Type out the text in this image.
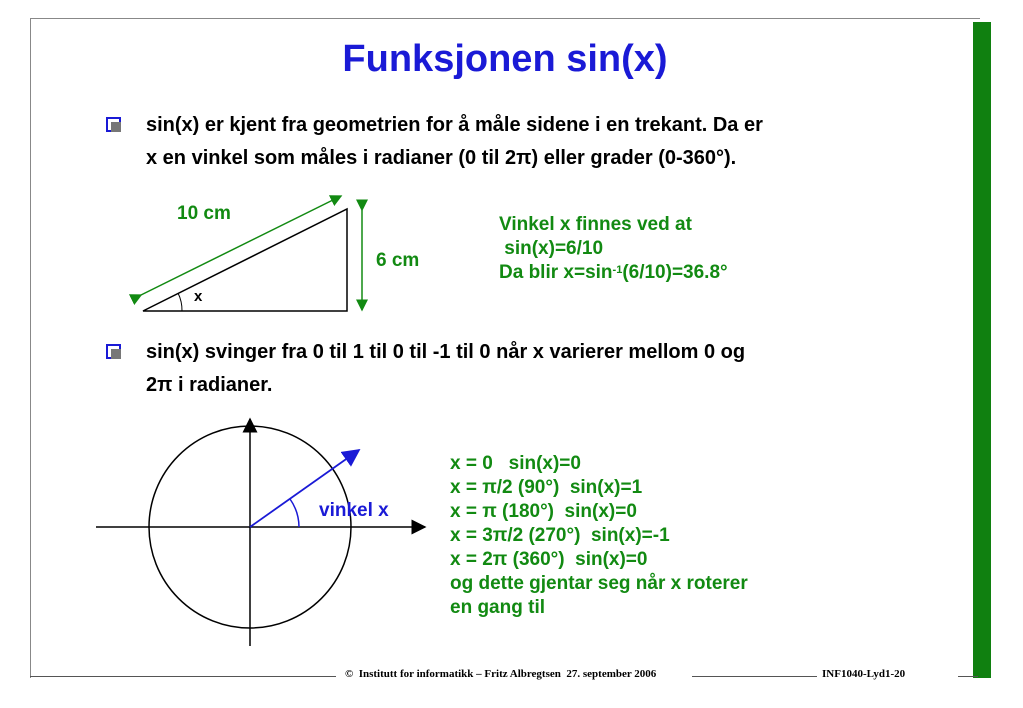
Funksjonen sin(x)
sin(x) er kjent fra geometrien for å måle sidene i en trekant. Da er
x en vinkel som måles i radianer (0 til 2π) eller grader (0-360°).
10 cm
6 cm
x
Vinkel x finnes ved at
sin(x)=6/10
Da blir $x=\sin^{-1}(6/10)=36.8^\circ$
sin(x) svinger fra 0 til 1 til 0 til -1 til 0 når x varierer mellom 0 og
2π i radianer.
vinkel x
x = 0   sin(x)=0
x = π/2 (90°)  sin(x)=1
x = π (180°)  sin(x)=0
x = 3π/2 (270°)  sin(x)=-1
x = 2π (360°)  sin(x)=0
og dette gjentar seg når x roterer
en gang til
©  Institutt for informatikk – Fritz Albregtsen  27. september 2006	INF1040-Lyd1-20
